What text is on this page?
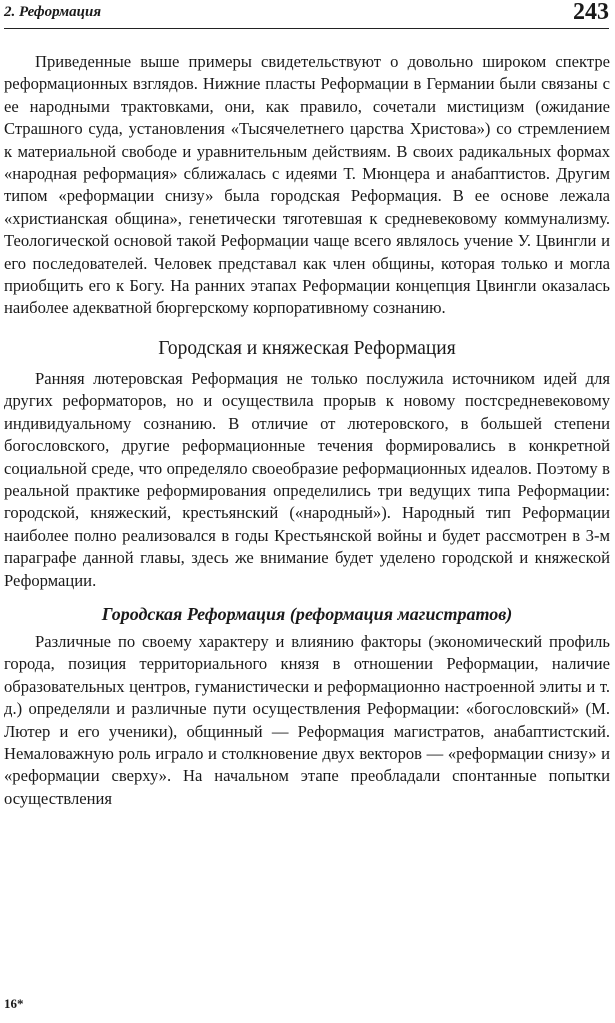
2. Реформация	243

Приведенные выше примеры свидетельствуют о довольно широком спектре реформационных взглядов. Нижние пласты Реформации в Германии были связаны с ее народными трактовками, они, как правило, сочетали мистицизм (ожидание Страшного суда, установления «Тысячелетнего царства Христова») со стремлением к материальной свободе и уравнительным действиям. В своих радикальных формах «народная реформация» сближалась с идеями Т. Мюнцера и анабаптистов. Другим типом «реформации снизу» была городская Реформация. В ее основе лежала «христианская община», генетически тяготевшая к средневековому коммунализму. Теологической основой такой Реформации чаще всего являлось учение У. Цвингли и его последователей. Человек представал как член общины, которая только и могла приобщить его к Богу. На ранних этапах Реформации концепция Цвингли оказалась наиболее адекватной бюргерскому корпоративному сознанию.

Городская и княжеская Реформация

Ранняя лютеровская Реформация не только послужила источником идей для других реформаторов, но и осуществила прорыв к новому постсредневековому индивидуальному сознанию. В отличие от лютеровского, в большей степени богословского, другие реформационные течения формировались в конкретной социальной среде, что определяло своеобразие реформационных идеалов. Поэтому в реальной практике реформирования определились три ведущих типа Реформации: городской, княжеский, крестьянский («народный»). Народный тип Реформации наиболее полно реализовался в годы Крестьянской войны и будет рассмотрен в 3-м параграфе данной главы, здесь же внимание будет уделено городской и княжеской Реформации.

Городская Реформация (реформация магистратов)

Различные по своему характеру и влиянию факторы (экономический профиль города, позиция территориального князя в отношении Реформации, наличие образовательных центров, гуманистически и реформационно настроенной элиты и т. д.) определяли и различные пути осуществления Реформации: «богословский» (М. Лютер и его ученики), общинный — Реформация магистратов, анабаптистский. Немаловажную роль играло и столкновение двух векторов — «реформации снизу» и «реформации сверху». На начальном этапе преобладали спонтанные попытки осуществления

16*
